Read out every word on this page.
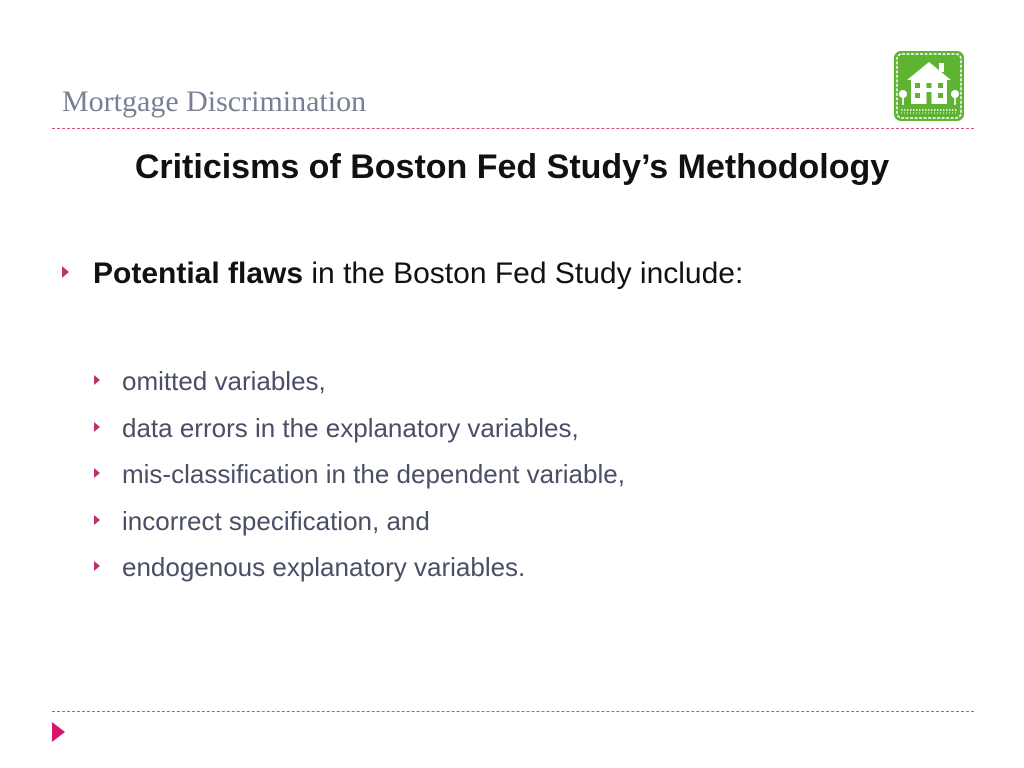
Mortgage Discrimination
Criticisms of Boston Fed Study’s Methodology
Potential flaws in the Boston Fed Study include:
omitted variables,
data errors in the explanatory variables,
mis-classification in the dependent variable,
incorrect specification, and
endogenous explanatory variables.
